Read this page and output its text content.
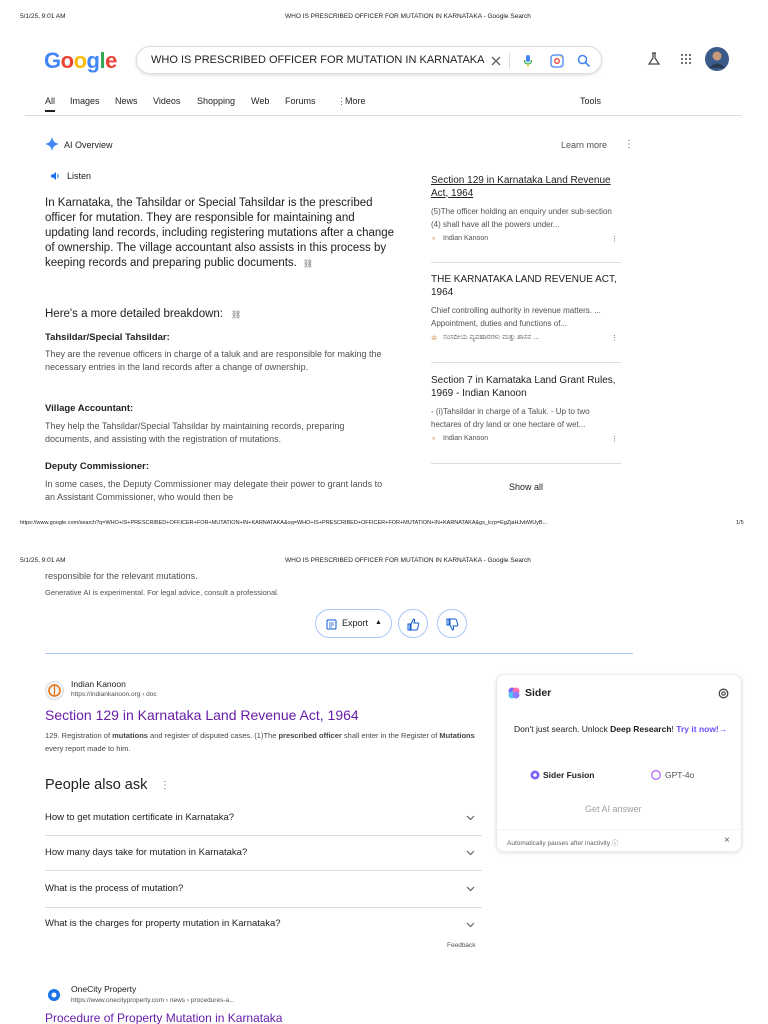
5/1/25, 9:01 AM	WHO IS PRESCRIBED OFFICER FOR MUTATION IN KARNATAKA - Google Search
Google	WHO IS PRESCRIBED OFFICER FOR MUTATION IN KARNATAKA
All Images News Videos Shopping Web Forums ⋮ More	Tools
AI Overview	Learn more ⋮
Listen
In Karnataka, the Tahsildar or Special Tahsildar is the prescribed officer for mutation. They are responsible for maintaining and updating land records, including registering mutations after a change of ownership. The village accountant also assists in this process by keeping records and preparing public documents. ⛓
Here's a more detailed breakdown: ⛓
Tahsildar/Special Tahsildar:
They are the revenue officers in charge of a taluk and are responsible for making the necessary entries in the land records after a change of ownership.
Village Accountant:
They help the Tahsildar/Special Tahsildar by maintaining records, preparing documents, and assisting with the registration of mutations.
Deputy Commissioner:
In some cases, the Deputy Commissioner may delegate their power to grant lands to an Assistant Commissioner, who would then be
Section 129 in Karnataka Land Revenue Act, 1964
(5)The officer holding an enquiry under sub-section (4) shall have all the powers under...
♁ Indian Kanoon	⋮
THE KARNATAKA LAND REVENUE ACT, 1964
Chief controlling authority in revenue matters. ... Appointment, duties and functions of...
♔ ಸಂಸದೀಯ ವ್ಯವಹಾರಗಳು ಮತ್ತು ಶಾಸನ ...	⋮
Section 7 in Karnataka Land Grant Rules, 1969 - Indian Kanoon
- (i)Tahsildar in charge of a Taluk. - Up to two hectares of dry land or one hectare of wet...
♁ Indian Kanoon	⋮
Show all
https://www.google.com/search?q=WHO+IS+PRESCRIBED+OFFICER+FOR+MUTATION+IN+KARNATAKA&oq=WHO+IS+PRESCRIBED+OFFICER+FOR+MUTATION+IN+KARNATAKA&gs_lcrp=EgZjaHJvbWUyB...	1/5
5/1/25, 9:01 AM	WHO IS PRESCRIBED OFFICER FOR MUTATION IN KARNATAKA - Google Search
responsible for the relevant mutations.
Generative AI is experimental. For legal advice, consult a professional.
Export ▲
Indian Kanoon
https://indiankanoon.org › doc
Section 129 in Karnataka Land Revenue Act, 1964
129. Registration of mutations and register of disputed cases. (1)The prescribed officer shall enter in the Register of Mutations every report made to him.
People also ask ⋮
How to get mutation certificate in Karnataka?
How many days take for mutation in Karnataka?
What is the process of mutation?
What is the charges for property mutation in Karnataka?
Feedback
OneCity Property
https://www.onecityproperty.com › news › procedures-a...
Procedure of Property Mutation in Karnataka
Sider
Don't just search. Unlock Deep Research! Try it now!→
Sider Fusion	GPT-4o
Get AI answer
Automatically pauses after inactivity ⓘ	×
